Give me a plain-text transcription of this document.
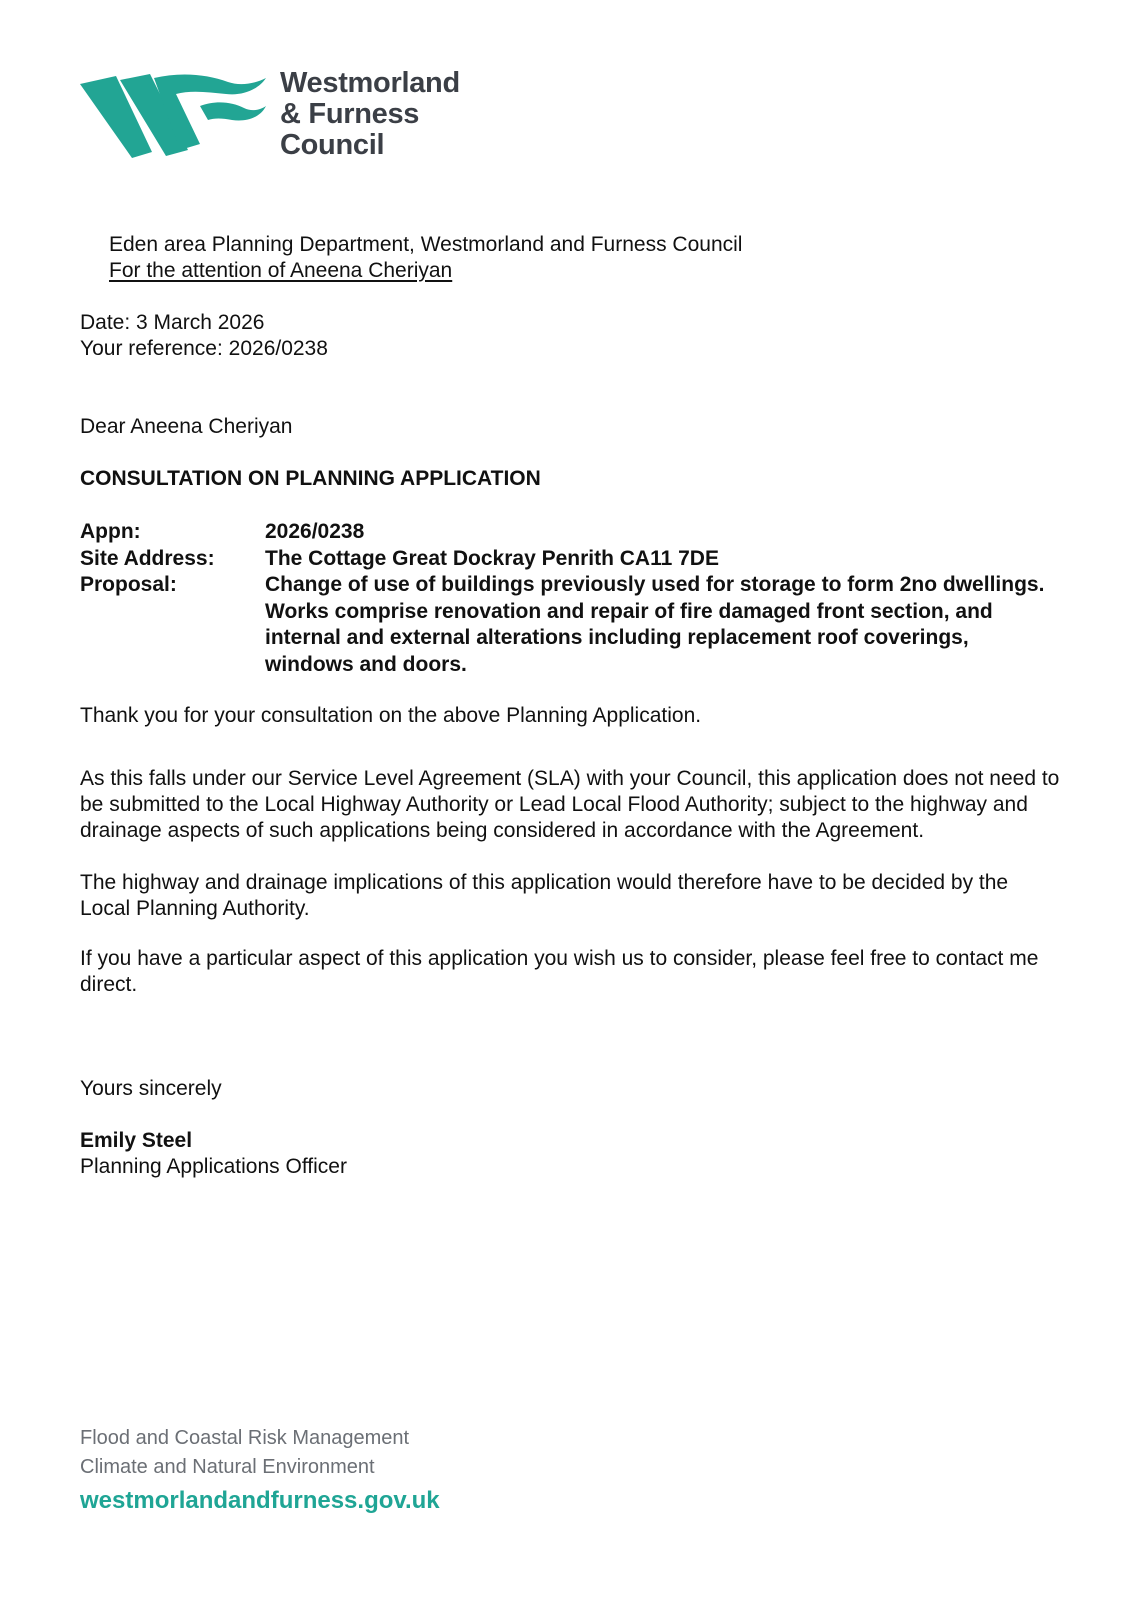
Westmorland
& Furness
Council
Eden area Planning Department, Westmorland and Furness Council
For the attention of Aneena Cheriyan
Date: 3 March 2026
Your reference: 2026/0238
Dear Aneena Cheriyan
CONSULTATION ON PLANNING APPLICATION
Appn:	2026/0238
Site Address:	The Cottage Great Dockray Penrith CA11 7DE
Proposal:	Change of use of buildings previously used for storage to form 2no dwellings. Works comprise renovation and repair of fire damaged front section, and internal and external alterations including replacement roof coverings, windows and doors.
Thank you for your consultation on the above Planning Application.
As this falls under our Service Level Agreement (SLA) with your Council, this application does not need to be submitted to the Local Highway Authority or Lead Local Flood Authority; subject to the highway and drainage aspects of such applications being considered in accordance with the Agreement.
The highway and drainage implications of this application would therefore have to be decided by the Local Planning Authority.
If you have a particular aspect of this application you wish us to consider, please feel free to contact me direct.
Yours sincerely
Emily Steel
Planning Applications Officer
Flood and Coastal Risk Management
Climate and Natural Environment
westmorlandandfurness.gov.uk
